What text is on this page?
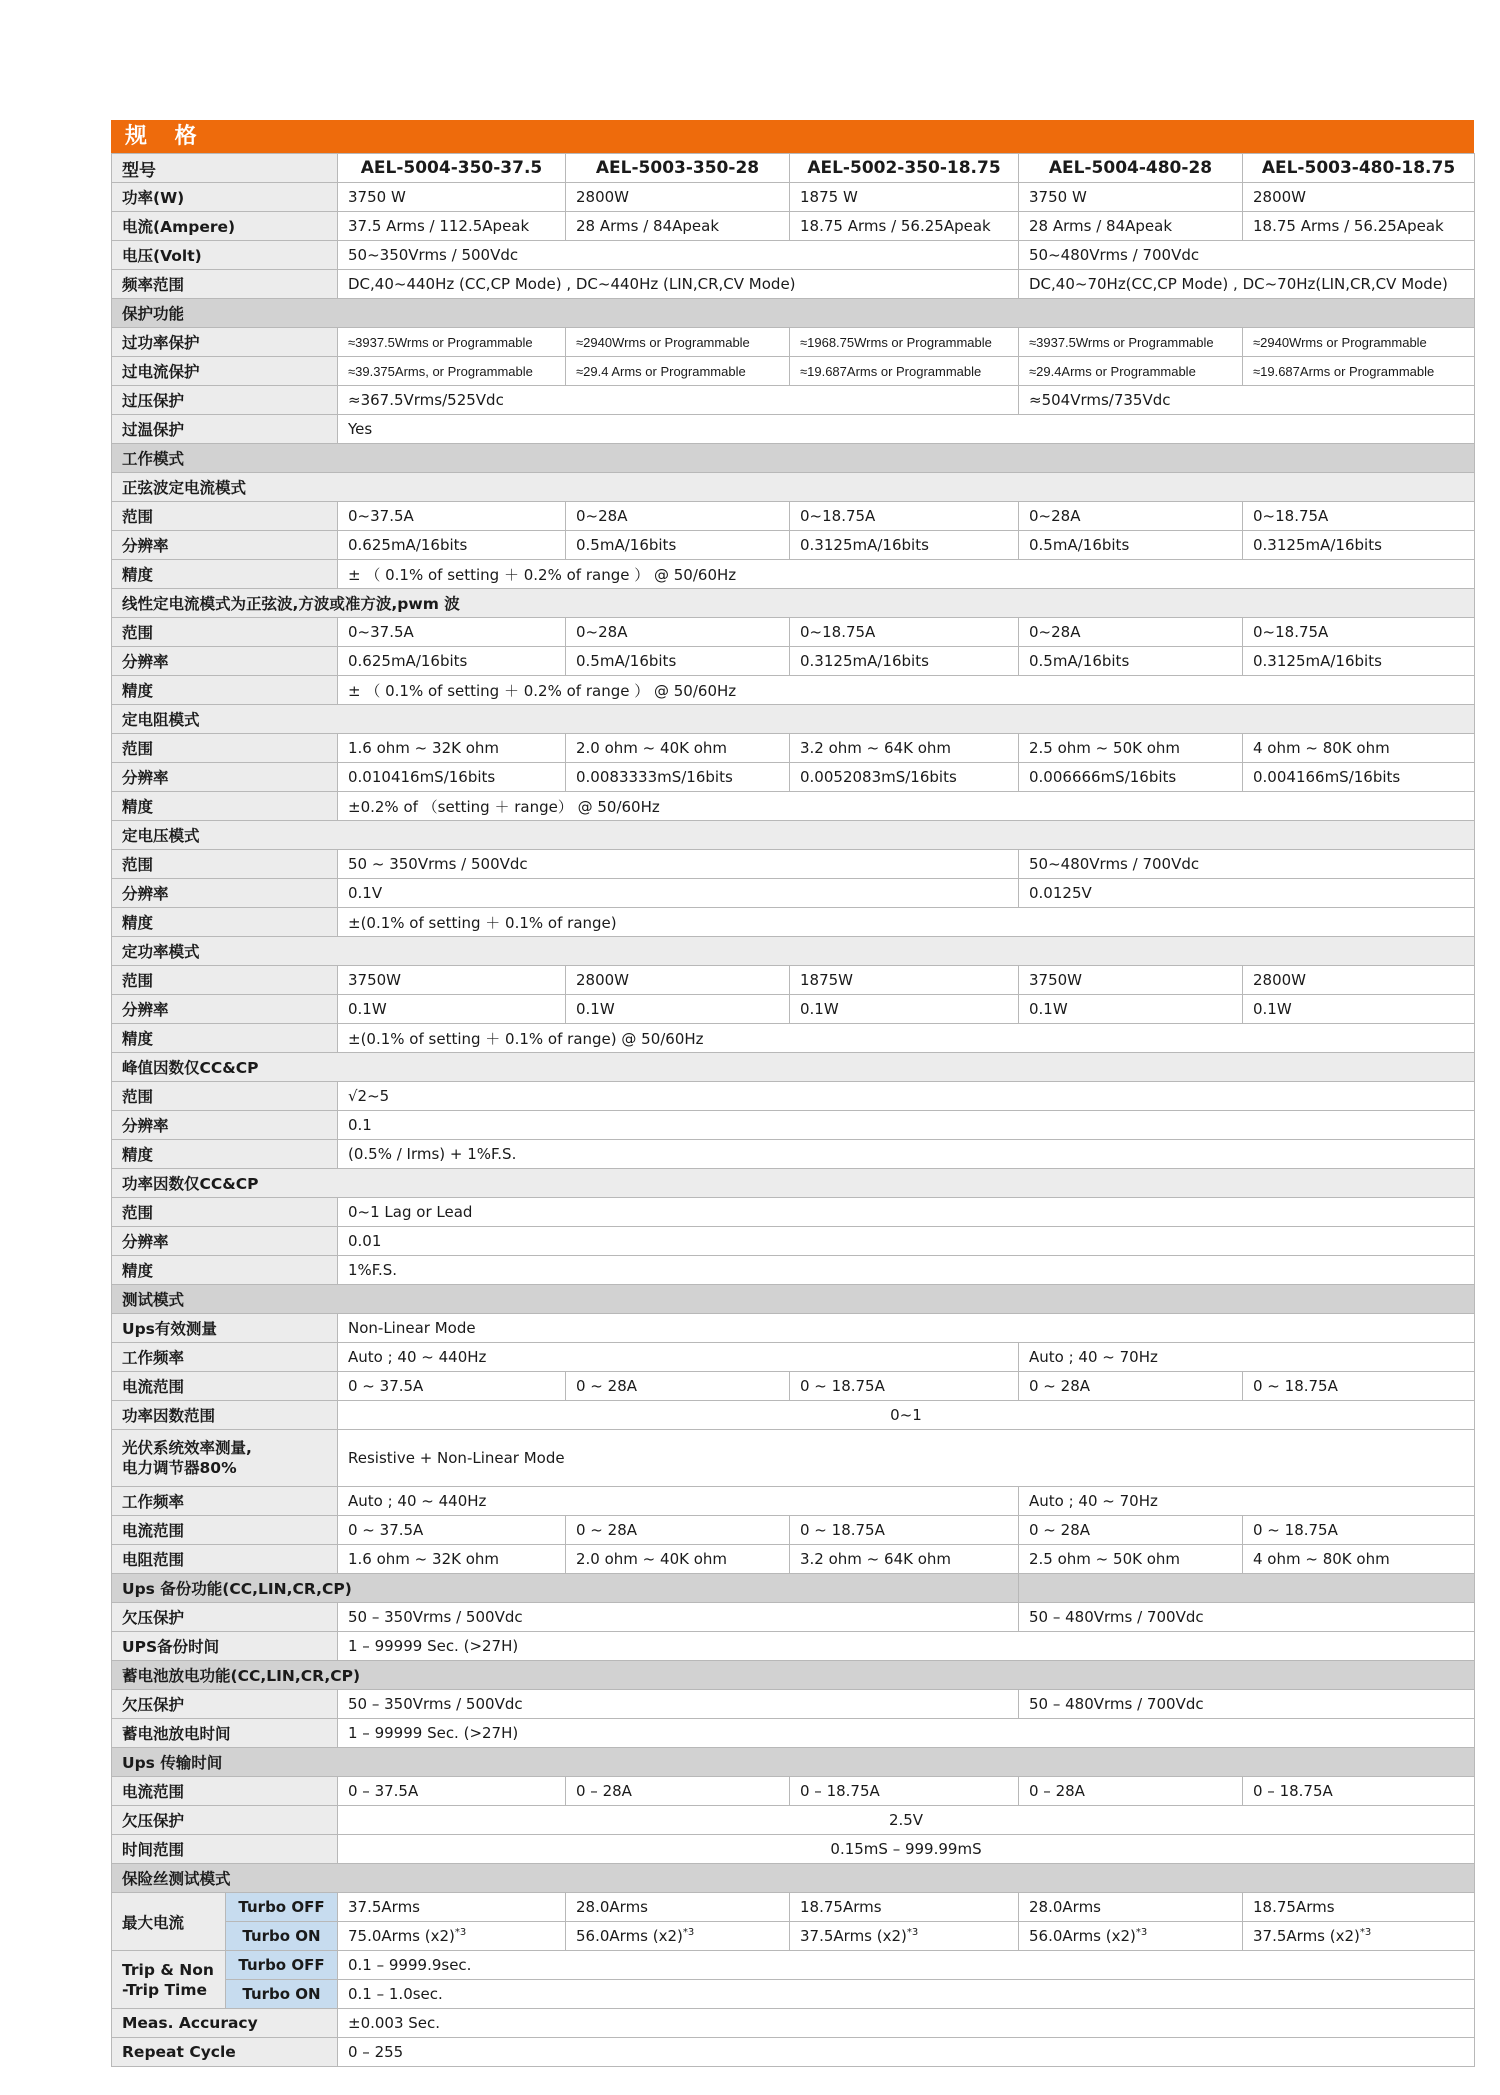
规 格
型号	AEL-5004-350-37.5	AEL-5003-350-28	AEL-5002-350-18.75	AEL-5004-480-28	AEL-5003-480-18.75
功率(W)	3750 W	2800W	1875 W	3750 W	2800W
电流(Ampere)	37.5 Arms / 112.5Apeak	28 Arms / 84Apeak	18.75 Arms / 56.25Apeak	28 Arms / 84Apeak	18.75 Arms / 56.25Apeak
电压(Volt)	50~350Vrms / 500Vdc			50~480Vrms / 700Vdc	
频率范围	DC,40~440Hz (CC,CP Mode) , DC~440Hz (LIN,CR,CV Mode)			DC,40~70Hz(CC,CP Mode) , DC~70Hz(LIN,CR,CV Mode)	
保护功能					
过功率保护	≈3937.5Wrms or Programmable	≈2940Wrms or Programmable	≈1968.75Wrms or Programmable	≈3937.5Wrms or Programmable	≈2940Wrms or Programmable
过电流保护	≈39.375Arms, or Programmable	≈29.4 Arms or Programmable	≈19.687Arms or Programmable	≈29.4Arms or Programmable	≈19.687Arms or Programmable
过压保护	≈367.5Vrms/525Vdc			≈504Vrms/735Vdc	
过温保护	Yes				
工作模式					
正弦波定电流模式					
范围	0~37.5A	0~28A	0~18.75A	0~28A	0~18.75A
分辨率	0.625mA/16bits	0.5mA/16bits	0.3125mA/16bits	0.5mA/16bits	0.3125mA/16bits
精度	± （ 0.1% of setting ＋ 0.2% of range ） @ 50/60Hz				
线性定电流模式为正弦波,方波或准方波,pwm 波					
范围	0~37.5A	0~28A	0~18.75A	0~28A	0~18.75A
分辨率	0.625mA/16bits	0.5mA/16bits	0.3125mA/16bits	0.5mA/16bits	0.3125mA/16bits
精度	± （ 0.1% of setting ＋ 0.2% of range ） @ 50/60Hz				
定电阻模式					
范围	1.6 ohm ~ 32K ohm	2.0 ohm ~ 40K ohm	3.2 ohm ~ 64K ohm	2.5 ohm ~ 50K ohm	4 ohm ~ 80K ohm
分辨率	0.010416mS/16bits	0.0083333mS/16bits	0.0052083mS/16bits	0.006666mS/16bits	0.004166mS/16bits
精度	±0.2% of （setting ＋ range） @ 50/60Hz				
定电压模式					
范围	50 ~ 350Vrms / 500Vdc			50~480Vrms / 700Vdc	
分辨率	0.1V			0.0125V	
精度	±(0.1% of setting ＋ 0.1% of range)				
定功率模式					
范围	3750W	2800W	1875W	3750W	2800W
分辨率	0.1W	0.1W	0.1W	0.1W	0.1W
精度	±(0.1% of setting ＋ 0.1% of range) @ 50/60Hz				
峰值因数仅CC&CP					
范围	√2~5				
分辨率	0.1				
精度	(0.5% / Irms) + 1%F.S.				
功率因数仅CC&CP					
范围	0~1 Lag or Lead				
分辨率	0.01				
精度	1%F.S.				
测试模式					
Ups有效测量	Non-Linear Mode				
工作频率	Auto ; 40 ~ 440Hz			Auto ; 40 ~ 70Hz	
电流范围	0 ~ 37.5A	0 ~ 28A	0 ~ 18.75A	0 ~ 28A	0 ~ 18.75A
功率因数范围	0~1				
光伏系统效率测量,
电力调节器80%	Resistive + Non-Linear Mode				
工作频率	Auto ; 40 ~ 440Hz			Auto ; 40 ~ 70Hz	
电流范围	0 ~ 37.5A	0 ~ 28A	0 ~ 18.75A	0 ~ 28A	0 ~ 18.75A
电阻范围	1.6 ohm ~ 32K ohm	2.0 ohm ~ 40K ohm	3.2 ohm ~ 64K ohm	2.5 ohm ~ 50K ohm	4 ohm ~ 80K ohm
Ups 备份功能(CC,LIN,CR,CP)					
欠压保护	50 – 350Vrms / 500Vdc			50 – 480Vrms / 700Vdc	
UPS备份时间	1 – 99999 Sec. (>27H)				
蓄电池放电功能(CC,LIN,CR,CP)					
欠压保护	50 – 350Vrms / 500Vdc			50 – 480Vrms / 700Vdc	
蓄电池放电时间	1 – 99999 Sec. (>27H)				
Ups 传输时间					
电流范围	0 – 37.5A	0 – 28A	0 – 18.75A	0 – 28A	0 – 18.75A
欠压保护	2.5V				
时间范围	0.15mS – 999.99mS				
保险丝测试模式					
最大电流	Turbo OFF	37.5Arms	28.0Arms	18.75Arms	28.0Arms	18.75Arms
	Turbo ON	75.0Arms $(x2)^{*3}$	56.0Arms $(x2)^{*3}$	37.5Arms $(x2)^{*3}$	56.0Arms $(x2)^{*3}$	37.5Arms $(x2)^{*3}$
Trip & Non
-Trip Time	Turbo OFF	0.1 – 9999.9sec.				
	Turbo ON	0.1 – 1.0sec.				
Meas. Accuracy		±0.003 Sec.				
Repeat Cycle		0 – 255				
